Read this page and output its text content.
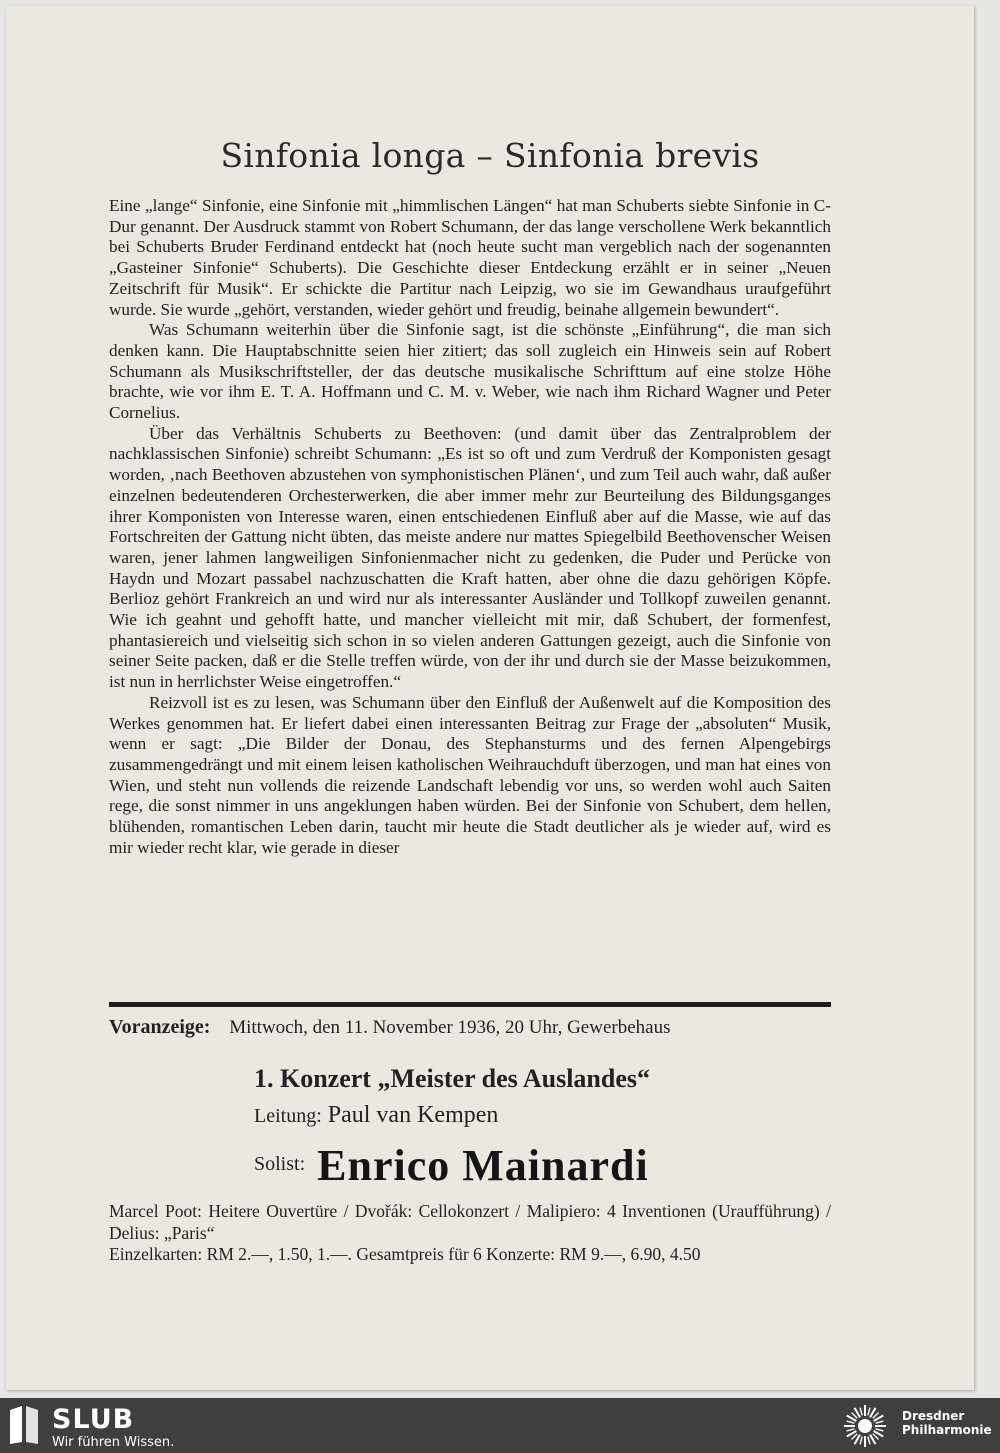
Sinfonia longa – Sinfonia brevis

Eine „lange“ Sinfonie, eine Sinfonie mit „himmlischen Längen“ hat man Schuberts siebte Sinfonie in C-Dur genannt. Der Ausdruck stammt von Robert Schumann, der das lange verschollene Werk bekanntlich bei Schuberts Bruder Ferdinand entdeckt hat (noch heute sucht man vergeblich nach der sogenannten „Gasteiner Sinfonie“ Schuberts). Die Geschichte dieser Entdeckung erzählt er in seiner „Neuen Zeitschrift für Musik“. Er schickte die Partitur nach Leipzig, wo sie im Gewandhaus uraufgeführt wurde. Sie wurde „gehört, verstanden, wieder gehört und freudig, beinahe allgemein bewundert“.

Was Schumann weiterhin über die Sinfonie sagt, ist die schönste „Einführung“, die man sich denken kann. Die Hauptabschnitte seien hier zitiert; das soll zugleich ein Hinweis sein auf Robert Schumann als Musikschriftsteller, der das deutsche musikalische Schrifttum auf eine stolze Höhe brachte, wie vor ihm E. T. A. Hoffmann und C. M. v. Weber, wie nach ihm Richard Wagner und Peter Cornelius.

Über das Verhältnis Schuberts zu Beethoven: (und damit über das Zentralproblem der nachklassischen Sinfonie) schreibt Schumann: „Es ist so oft und zum Verdruß der Komponisten gesagt worden, ‚nach Beethoven abzustehen von symphonistischen Plänen‘, und zum Teil auch wahr, daß außer einzelnen bedeutenderen Orchesterwerken, die aber immer mehr zur Beurteilung des Bildungsganges ihrer Komponisten von Interesse waren, einen entschiedenen Einfluß aber auf die Masse, wie auf das Fortschreiten der Gattung nicht übten, das meiste andere nur mattes Spiegelbild Beethovenscher Weisen waren, jener lahmen langweiligen Sinfonienmacher nicht zu gedenken, die Puder und Perücke von Haydn und Mozart passabel nachzuschatten die Kraft hatten, aber ohne die dazu gehörigen Köpfe. Berlioz gehört Frankreich an und wird nur als interessanter Ausländer und Tollkopf zuweilen genannt. Wie ich geahnt und gehofft hatte, und mancher vielleicht mit mir, daß Schubert, der formenfest, phantasiereich und vielseitig sich schon in so vielen anderen Gattungen gezeigt, auch die Sinfonie von seiner Seite packen, daß er die Stelle treffen würde, von der ihr und durch sie der Masse beizukommen, ist nun in herrlichster Weise eingetroffen.“

Reizvoll ist es zu lesen, was Schumann über den Einfluß der Außenwelt auf die Komposition des Werkes genommen hat. Er liefert dabei einen interessanten Beitrag zur Frage der „absoluten“ Musik, wenn er sagt: „Die Bilder der Donau, des Stephansturms und des fernen Alpengebirgs zusammengedrängt und mit einem leisen katholischen Weihrauchduft überzogen, und man hat eines von Wien, und steht nun vollends die reizende Landschaft lebendig vor uns, so werden wohl auch Saiten rege, die sonst nimmer in uns angeklungen haben würden. Bei der Sinfonie von Schubert, dem hellen, blühenden, romantischen Leben darin, taucht mir heute die Stadt deutlicher als je wieder auf, wird es mir wieder recht klar, wie gerade in dieser

Voranzeige: Mittwoch, den 11. November 1936, 20 Uhr, Gewerbehaus

1. Konzert „Meister des Auslandes“

Leitung: Paul van Kempen
Solist: Enrico Mainardi
Marcel Poot: Heitere Ouvertüre / Dvořák: Cellokonzert / Malipiero: 4 Inventionen (Uraufführung) / Delius: „Paris“
Einzelkarten: RM 2.—, 1.50, 1.—. Gesamtpreis für 6 Konzerte: RM 9.—, 6.90, 4.50
SLUB
Wir führen Wissen.
Dresdner
Philharmonie
